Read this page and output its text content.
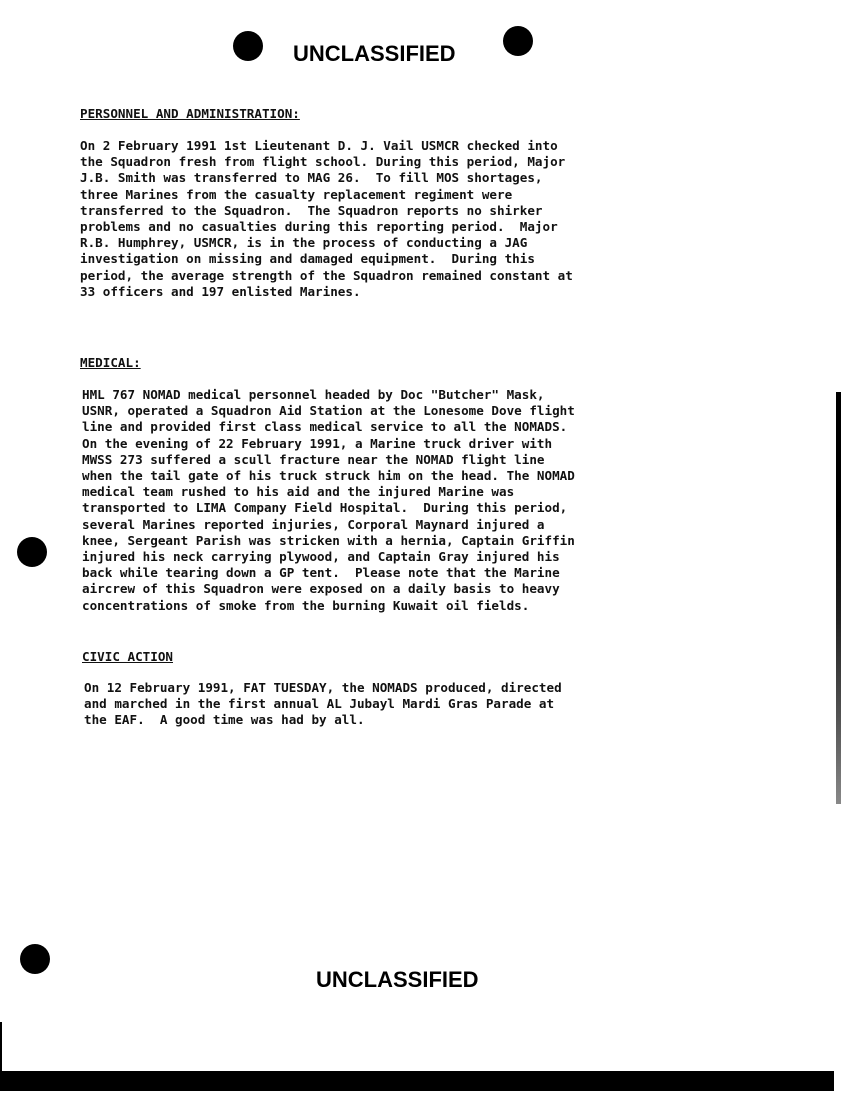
UNCLASSIFIED
PERSONNEL AND ADMINISTRATION:
On 2 February 1991 1st Lieutenant D. J. Vail USMCR checked into
the Squadron fresh from flight school. During this period, Major
J.B. Smith was transferred to MAG 26.  To fill MOS shortages,
three Marines from the casualty replacement regiment were
transferred to the Squadron.  The Squadron reports no shirker
problems and no casualties during this reporting period.  Major
R.B. Humphrey, USMCR, is in the process of conducting a JAG
investigation on missing and damaged equipment.  During this
period, the average strength of the Squadron remained constant at
33 officers and 197 enlisted Marines.
MEDICAL:
HML 767 NOMAD medical personnel headed by Doc "Butcher" Mask,
USNR, operated a Squadron Aid Station at the Lonesome Dove flight
line and provided first class medical service to all the NOMADS.
On the evening of 22 February 1991, a Marine truck driver with
MWSS 273 suffered a scull fracture near the NOMAD flight line
when the tail gate of his truck struck him on the head. The NOMAD
medical team rushed to his aid and the injured Marine was
transported to LIMA Company Field Hospital.  During this period,
several Marines reported injuries, Corporal Maynard injured a
knee, Sergeant Parish was stricken with a hernia, Captain Griffin
injured his neck carrying plywood, and Captain Gray injured his
back while tearing down a GP tent.  Please note that the Marine
aircrew of this Squadron were exposed on a daily basis to heavy
concentrations of smoke from the burning Kuwait oil fields.
CIVIC ACTION
On 12 February 1991, FAT TUESDAY, the NOMADS produced, directed
and marched in the first annual AL Jubayl Mardi Gras Parade at
the EAF.  A good time was had by all.
UNCLASSIFIED
